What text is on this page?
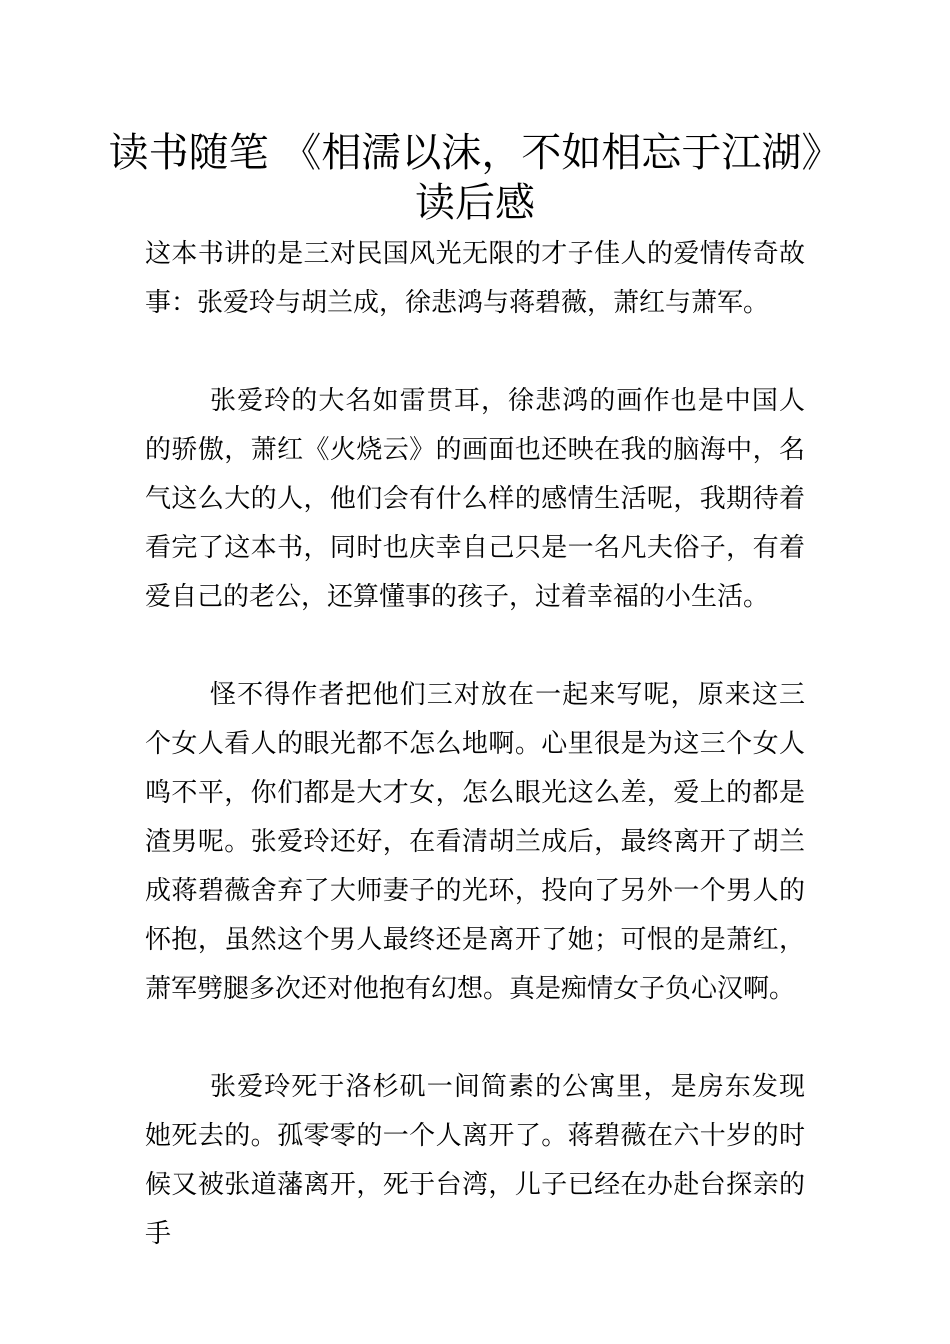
读书随笔 《相濡以沫，不如相忘于江湖》读后感

这本书讲的是三对民国风光无限的才子佳人的爱情传奇故事：张爱玲与胡兰成，徐悲鸿与蒋碧薇，萧红与萧军。

张爱玲的大名如雷贯耳，徐悲鸿的画作也是中国人的骄傲，萧红《火烧云》的画面也还映在我的脑海中，名气这么大的人，他们会有什么样的感情生活呢，我期待着看完了这本书，同时也庆幸自己只是一名凡夫俗子，有着爱自己的老公，还算懂事的孩子，过着幸福的小生活。

怪不得作者把他们三对放在一起来写呢，原来这三个女人看人的眼光都不怎么地啊。心里很是为这三个女人鸣不平，你们都是大才女，怎么眼光这么差，爱上的都是渣男呢。张爱玲还好，在看清胡兰成后，最终离开了胡兰成蒋碧薇舍弃了大师妻子的光环，投向了另外一个男人的怀抱，虽然这个男人最终还是离开了她；可恨的是萧红，萧军劈腿多次还对他抱有幻想。真是痴情女子负心汉啊。

张爱玲死于洛杉矶一间简素的公寓里，是房东发现她死去的。孤零零的一个人离开了。蒋碧薇在六十岁的时候又被张道藩离开，死于台湾，儿子已经在办赴台探亲的手
